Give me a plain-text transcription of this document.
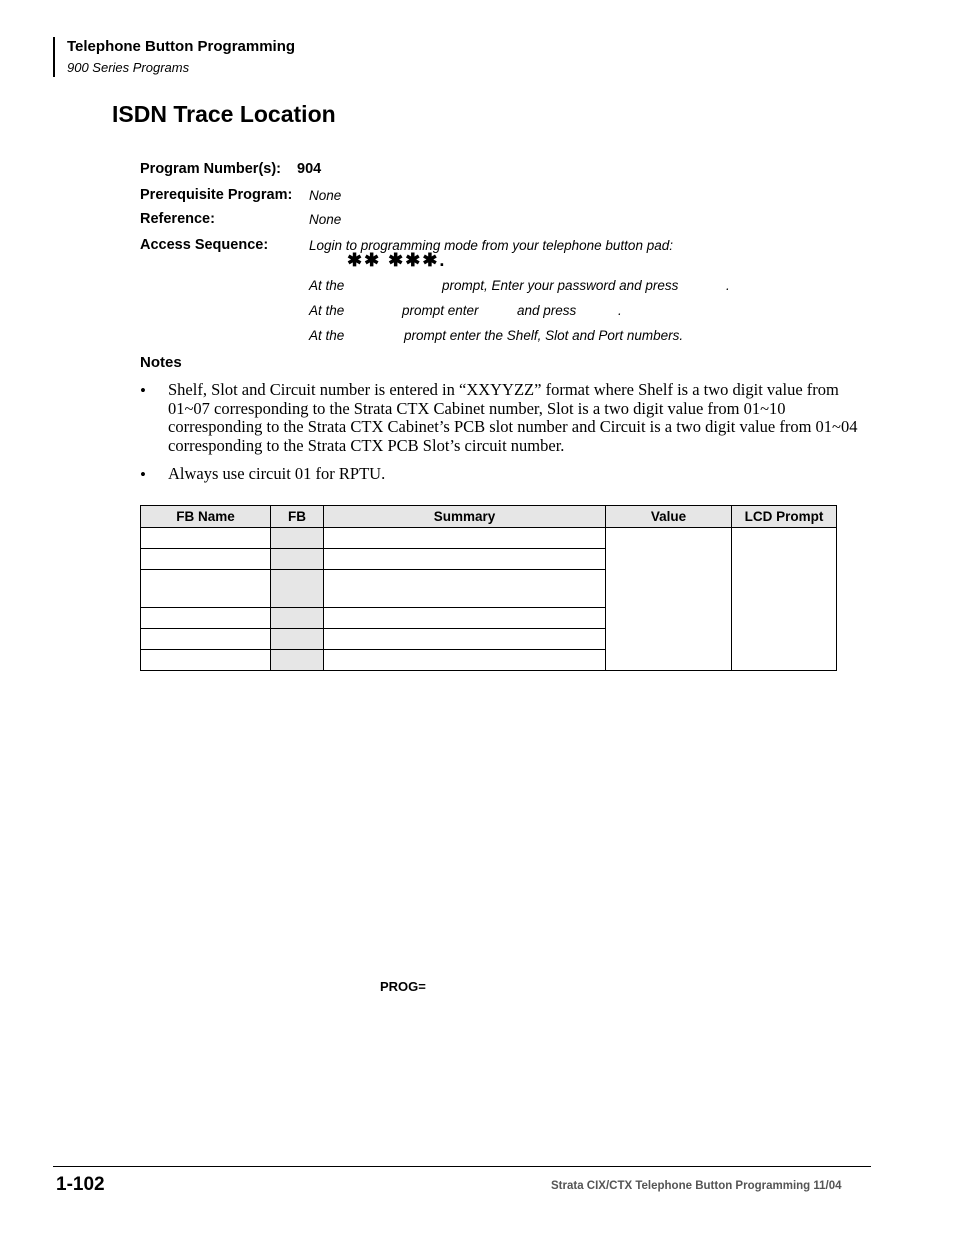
Telephone Button Programming
900 Series Programs
ISDN Trace Location
Program Number(s): 904
Prerequisite Program: None
Reference:	None
Access Sequence:	Login to programming mode from your telephone button pad:
✱✱ ✱✱✱.
At the	prompt, Enter your password and press	.
At the	prompt enter	and press	.
At the	prompt enter the Shelf, Slot and Port numbers.
Notes
• Shelf, Slot and Circuit number is entered in “XXYYZZ” format where Shelf is a two digit value from 01~07 corresponding to the Strata CTX Cabinet number, Slot is a two digit value from 01~10 corresponding to the Strata CTX Cabinet’s PCB slot number and Circuit is a two digit value from 01~04 corresponding to the Strata CTX PCB Slot’s circuit number.
• Always use circuit 01 for RPTU.
FB Name	FB	Summary	Value	LCD Prompt

PROG=
1-102	Strata CIX/CTX Telephone Button Programming 11/04
